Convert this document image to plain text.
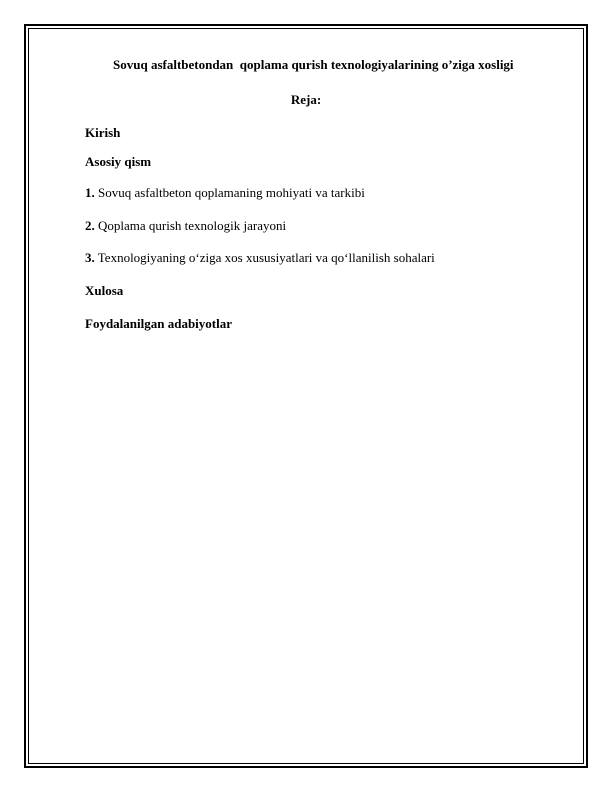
Sovuq asfaltbetondan  qoplama qurish texnologiyalarining o’ziga xosligi
Reja:
Kirish
Asosiy qism
1. Sovuq asfaltbeton qoplamaning mohiyati va tarkibi
2. Qoplama qurish texnologik jarayoni
3. Texnologiyaning o‘ziga xos xususiyatlari va qo‘llanilish sohalari
Xulosa
Foydalanilgan adabiyotlar
